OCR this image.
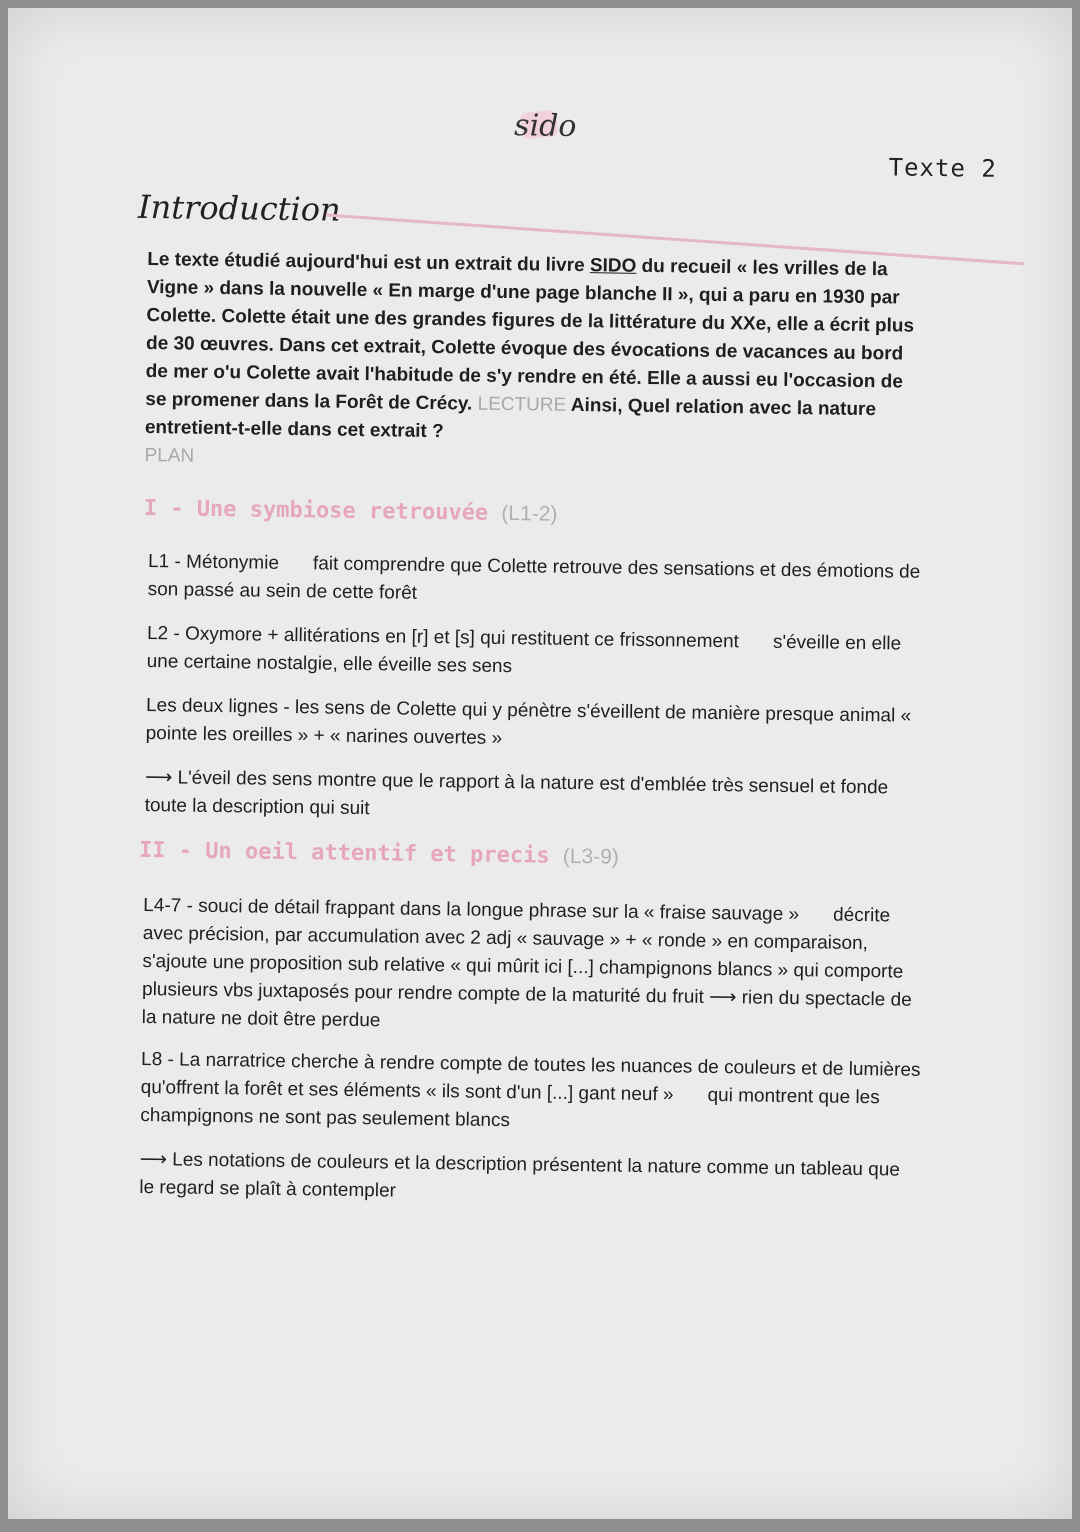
sido
Texte 2
Introduction
Le texte étudié aujourd'hui est un extrait du livre SIDO du recueil « les vrilles de la Vigne » dans la nouvelle « En marge d'une page blanche II », qui a paru en 1930 par Colette. Colette était une des grandes figures de la littérature du XXe, elle a écrit plus de 30 œuvres. Dans cet extrait, Colette évoque des évocations de vacances au bord de mer o'u Colette avait l'habitude de s'y rendre en été. Elle a aussi eu l'occasion de se promener dans la Forêt de Crécy. LECTURE Ainsi, Quel relation avec la nature entretient-t-elle dans cet extrait ?
PLAN
I - Une symbiose retrouvée (L1-2)
L1 - Métonymie fait comprendre que Colette retrouve des sensations et des émotions de son passé au sein de cette forêt
L2 - Oxymore + allitérations en [r] et [s] qui restituent ce frissonnement s'éveille en elle une certaine nostalgie, elle éveille ses sens
Les deux lignes - les sens de Colette qui y pénètre s'éveillent de manière presque animal « pointe les oreilles » + « narines ouvertes »
⟶ L'éveil des sens montre que le rapport à la nature est d'emblée très sensuel et fonde toute la description qui suit
II - Un oeil attentif et precis (L3-9)
L4-7 - souci de détail frappant dans la longue phrase sur la « fraise sauvage » décrite avec précision, par accumulation avec 2 adj « sauvage » + « ronde » en comparaison, s'ajoute une proposition sub relative « qui mûrit ici [...] champignons blancs » qui comporte plusieurs vbs juxtaposés pour rendre compte de la maturité du fruit ⟶ rien du spectacle de la nature ne doit être perdue
L8 - La narratrice cherche à rendre compte de toutes les nuances de couleurs et de lumières qu'offrent la forêt et ses éléments « ils sont d'un [...] gant neuf » qui montrent que les champignons ne sont pas seulement blancs
⟶ Les notations de couleurs et la description présentent la nature comme un tableau que le regard se plaît à contempler
